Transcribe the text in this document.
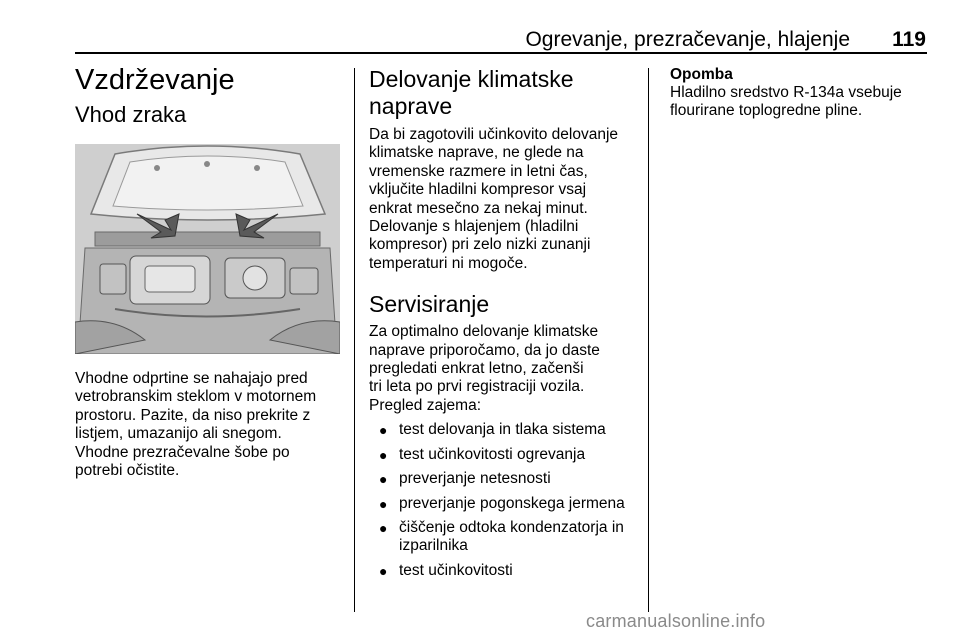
Ogrevanje, prezračevanje, hlajenje	119
Vzdrževanje
Vhod zraka

Vhodne odprtine se nahajajo pred
vetrobranskim steklom v motornem
prostoru. Pazite, da niso prekrite z
listjem, umazanijo ali snegom.
Vhodne prezračevalne šobe po
potrebi očistite.

Delovanje klimatske
naprave

Da bi zagotovili učinkovito delovanje
klimatske naprave, ne glede na
vremenske razmere in letni čas,
vključite hladilni kompresor vsaj
enkrat mesečno za nekaj minut.
Delovanje s hlajenjem (hladilni
kompresor) pri zelo nizki zunanji
temperaturi ni mogoče.

Servisiranje

Za optimalno delovanje klimatske
naprave priporočamo, da jo daste
pregledati enkrat letno, začenši
tri leta po prvi registraciji vozila.
Pregled zajema:

● test delovanja in tlaka sistema
● test učinkovitosti ogrevanja
● preverjanje netesnosti
● preverjanje pogonskega jermena
● čiščenje odtoka kondenzatorja in
izparilnika
● test učinkovitosti
Opomba

Hladilno sredstvo R-134a vsebuje
flourirane toplogredne pline.

carmanualsonline.info
